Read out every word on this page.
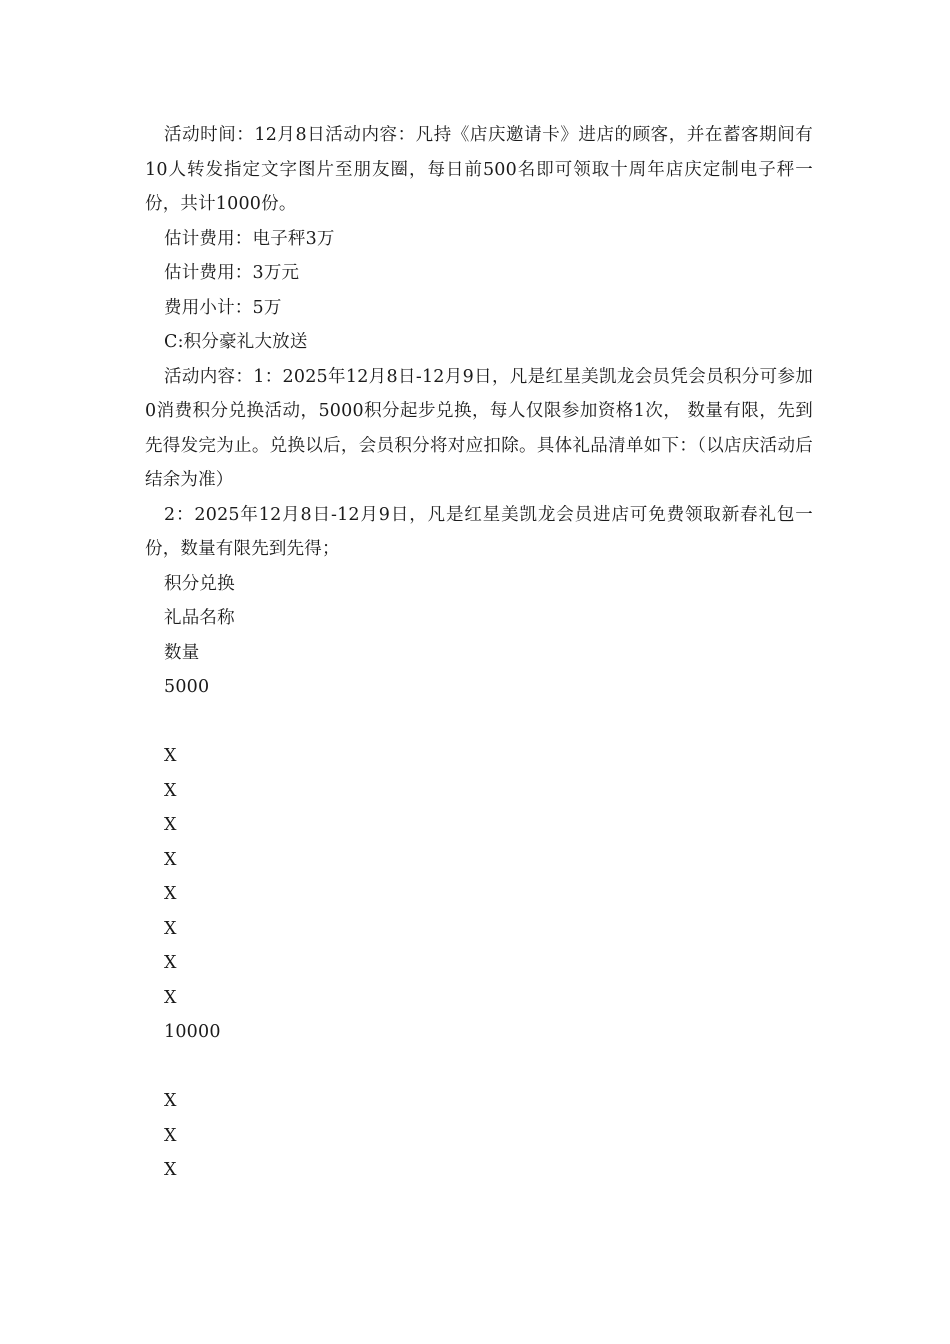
活动时间：12月8日活动内容：凡持《店庆邀请卡》进店的顾客，并在蓄客期间有10人转发指定文字图片至朋友圈，每日前500名即可领取十周年店庆定制电子秤一份，共计1000份。

估计费用：电子秤3万

估计费用：3万元

费用小计：5万

C:积分豪礼大放送

活动内容：1：2025年12月8日-12月9日，凡是红星美凯龙会员凭会员积分可参加0消费积分兑换活动，5000积分起步兑换，每人仅限参加资格1次， 数量有限，先到先得发完为止。兑换以后，会员积分将对应扣除。具体礼品清单如下：（以店庆活动后结余为准）

2：2025年12月8日-12月9日，凡是红星美凯龙会员进店可免费领取新春礼包一份，数量有限先到先得；

积分兑换

礼品名称

数量

5000

X

X

X

X

X

X

X

X

10000

X

X

X
